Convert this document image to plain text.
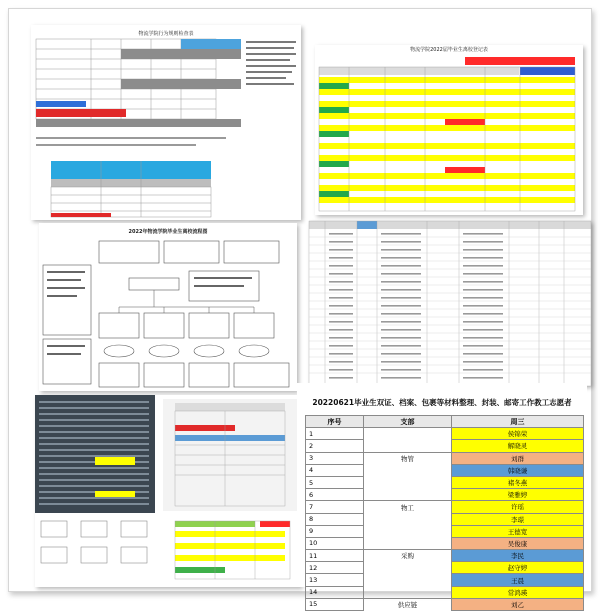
物流学院行为规则检查表
物流学院2022届毕业生离校登记表
2022年物流学院毕业生离校流程图
20220621毕业生双证、档案、包裹等材料整理、封装、邮寄工作教工志愿者
序号	支部	周三
1		侯锦荣
2		解晓灵
3	物管	刘群
4		韩晓谦
5		褚冬燕
6		梁雅婷
7	物工	许瑶
8		李璟
9		王德宽
10		吴俊康
11	采购	李民
12		赵守婷
13		王晨
14		常鸿瑛
15	供应链	刘乙
